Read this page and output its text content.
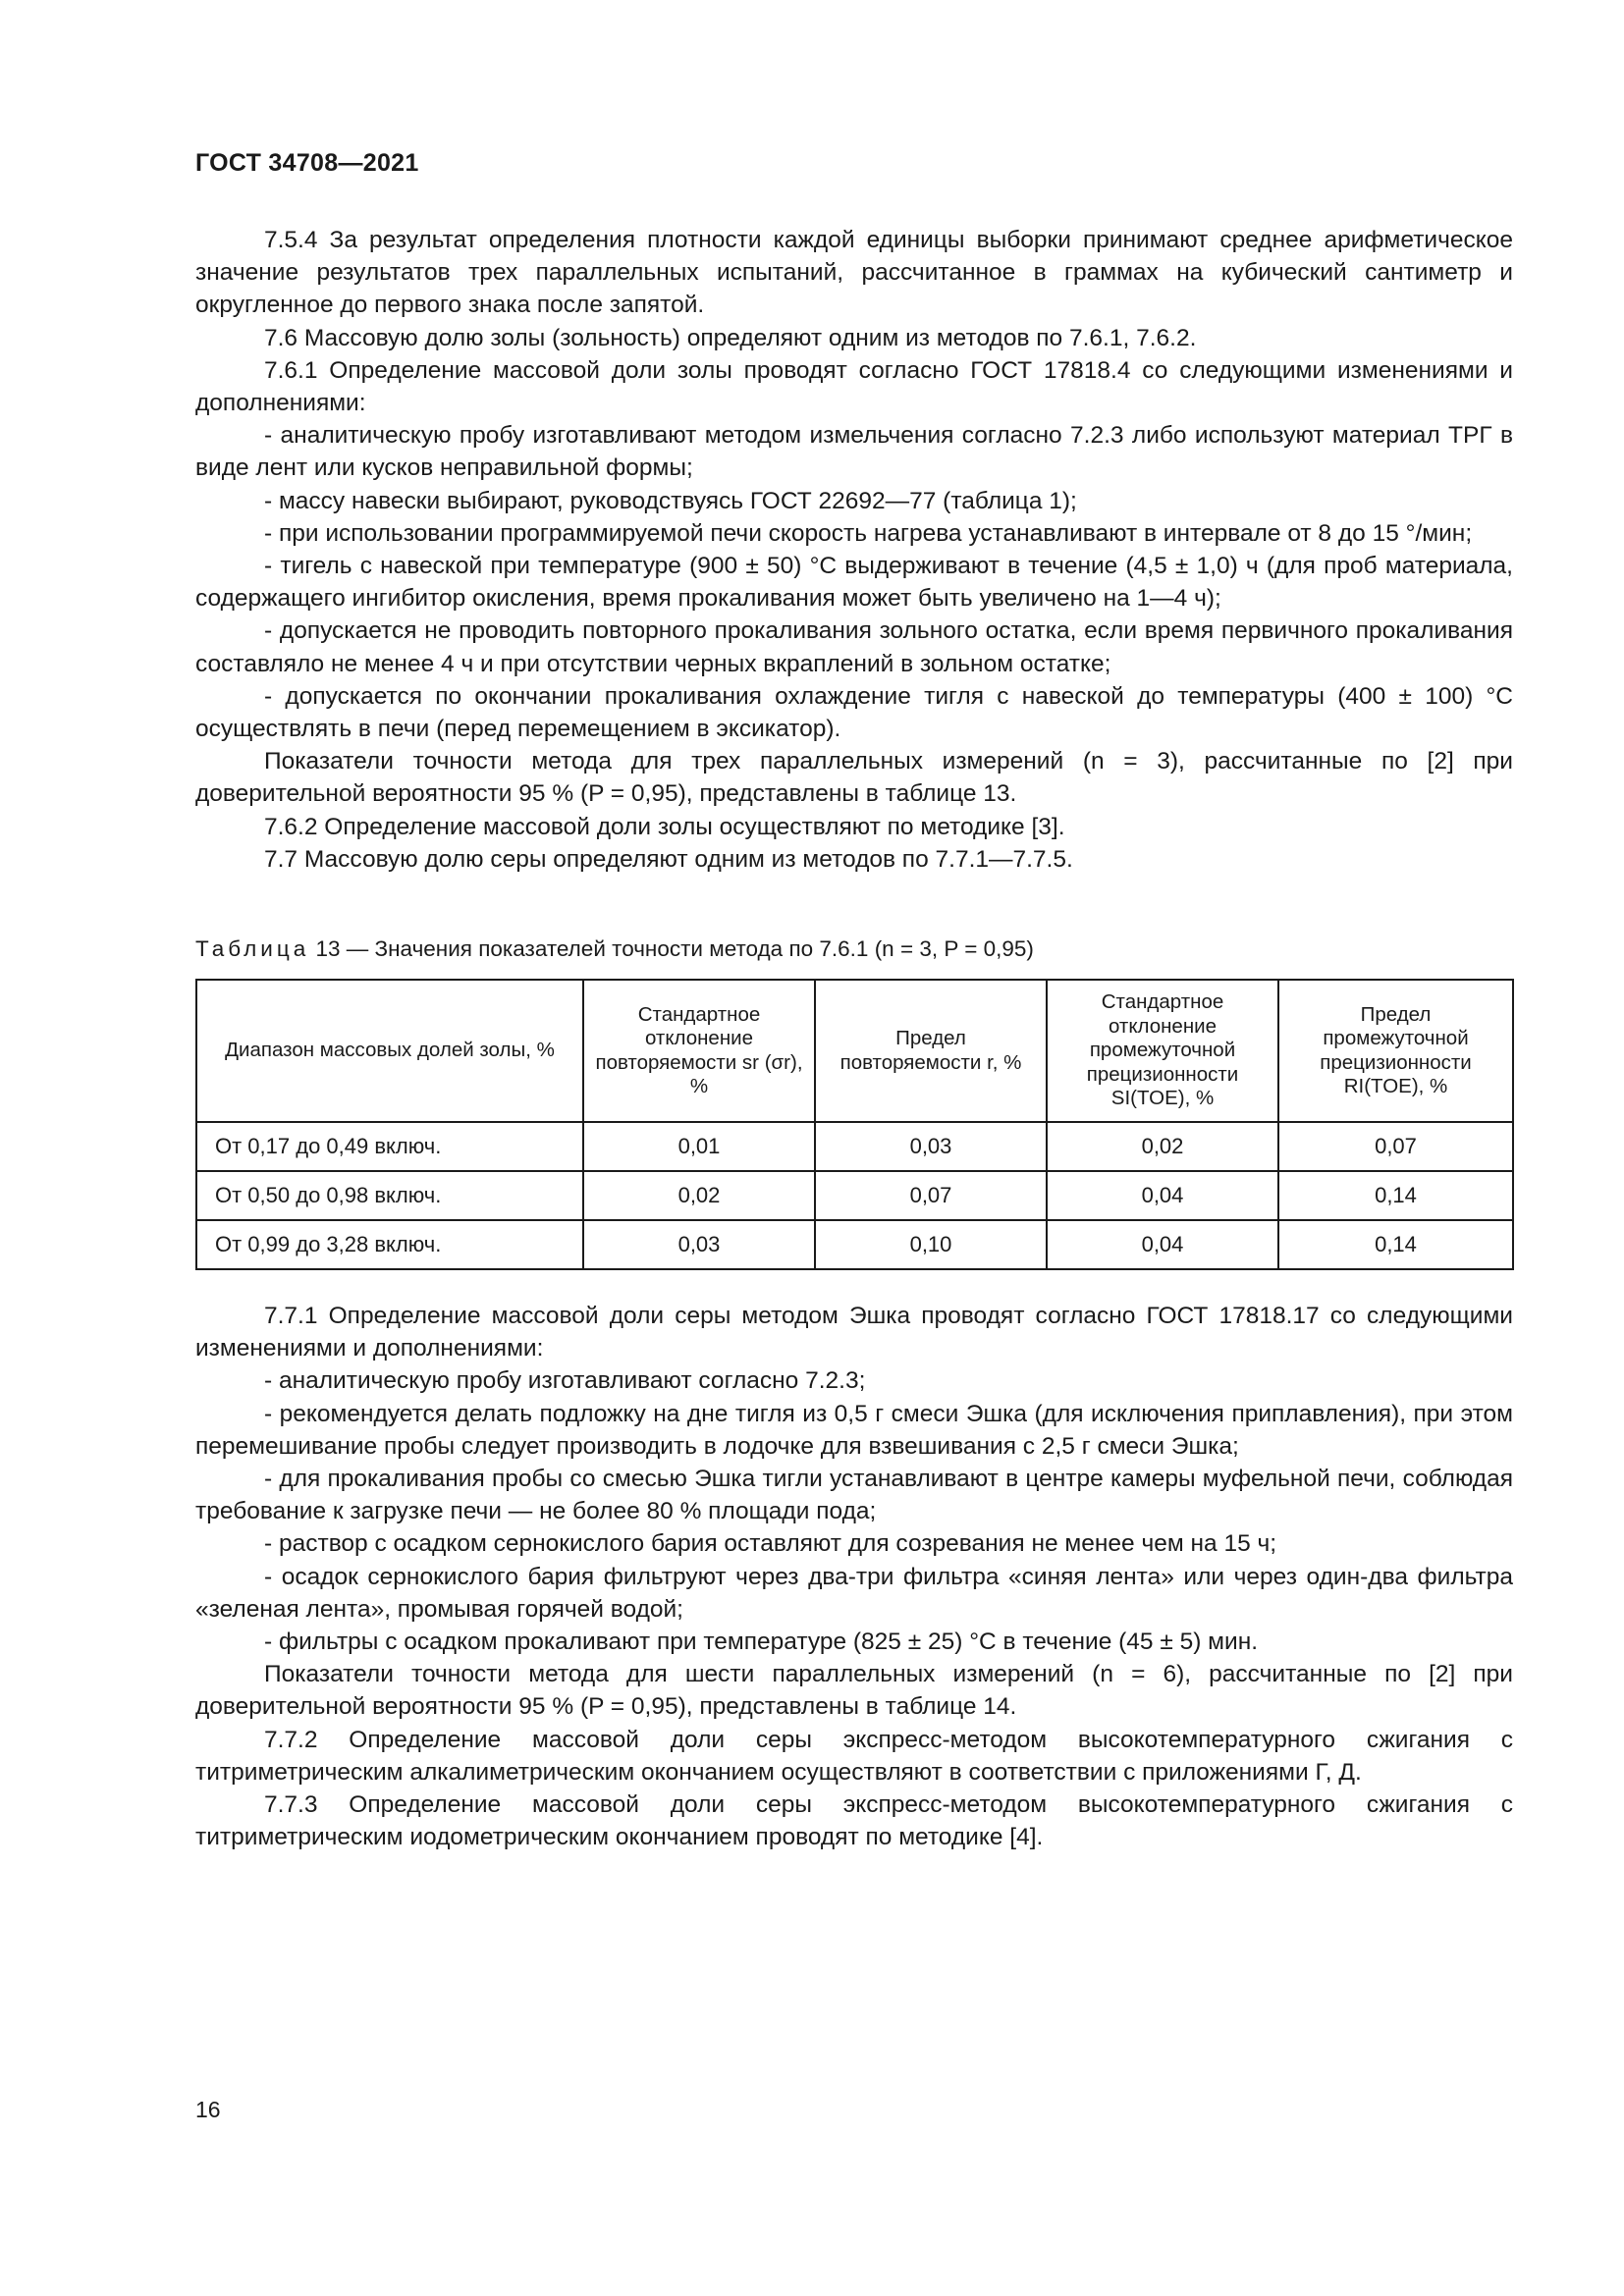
ГОСТ 34708—2021

7.5.4 За результат определения плотности каждой единицы выборки принимают среднее арифметическое значение результатов трех параллельных испытаний, рассчитанное в граммах на кубический сантиметр и округленное до первого знака после запятой.

7.6 Массовую долю золы (зольность) определяют одним из методов по 7.6.1, 7.6.2.

7.6.1 Определение массовой доли золы проводят согласно ГОСТ 17818.4 со следующими изменениями и дополнениями:

- аналитическую пробу изготавливают методом измельчения согласно 7.2.3 либо используют материал ТРГ в виде лент или кусков неправильной формы;

- массу навески выбирают, руководствуясь ГОСТ 22692—77 (таблица 1);

- при использовании программируемой печи скорость нагрева устанавливают в интервале от 8 до 15 °/мин;

- тигель с навеской при температуре (900 ± 50) °С выдерживают в течение (4,5 ± 1,0) ч (для проб материала, содержащего ингибитор окисления, время прокаливания может быть увеличено на 1—4 ч);

- допускается не проводить повторного прокаливания зольного остатка, если время первичного прокаливания составляло не менее 4 ч и при отсутствии черных вкраплений в зольном остатке;

- допускается по окончании прокаливания охлаждение тигля с навеской до температуры (400 ± 100) °С осуществлять в печи (перед перемещением в эксикатор).

Показатели точности метода для трех параллельных измерений (n = 3), рассчитанные по [2] при доверительной вероятности 95 % (P = 0,95), представлены в таблице 13.

7.6.2 Определение массовой доли золы осуществляют по методике [3].

7.7 Массовую долю серы определяют одним из методов по 7.7.1—7.7.5.

Таблица 13 — Значения показателей точности метода по 7.6.1 (n = 3, P = 0,95)
Диапазон массовых долей золы, %	Стандартное отклонение повторяемости sr (σr), %	Предел повторяемости r, %	Стандартное отклонение промежуточной прецизионности SI(TOE), %	Предел промежуточной прецизионности RI(TOE), %
От 0,17 до 0,49 включ.	0,01	0,03	0,02	0,07
От 0,50 до 0,98 включ.	0,02	0,07	0,04	0,14
От 0,99 до 3,28 включ.	0,03	0,10	0,04	0,14

7.7.1 Определение массовой доли серы методом Эшка проводят согласно ГОСТ 17818.17 со следующими изменениями и дополнениями:

- аналитическую пробу изготавливают согласно 7.2.3;

- рекомендуется делать подложку на дне тигля из 0,5 г смеси Эшка (для исключения приплавления), при этом перемешивание пробы следует производить в лодочке для взвешивания с 2,5 г смеси Эшка;

- для прокаливания пробы со смесью Эшка тигли устанавливают в центре камеры муфельной печи, соблюдая требование к загрузке печи — не более 80 % площади пода;

- раствор с осадком сернокислого бария оставляют для созревания не менее чем на 15 ч;

- осадок сернокислого бария фильтруют через два-три фильтра «синяя лента» или через один-два фильтра «зеленая лента», промывая горячей водой;

- фильтры с осадком прокаливают при температуре (825 ± 25) °С в течение (45 ± 5) мин.

Показатели точности метода для шести параллельных измерений (n = 6), рассчитанные по [2] при доверительной вероятности 95 % (P = 0,95), представлены в таблице 14.

7.7.2 Определение массовой доли серы экспресс-методом высокотемпературного сжигания с титриметрическим алкалиметрическим окончанием осуществляют в соответствии с приложениями Г, Д.

7.7.3 Определение массовой доли серы экспресс-методом высокотемпературного сжигания с титриметрическим иодометрическим окончанием проводят по методике [4].

16
